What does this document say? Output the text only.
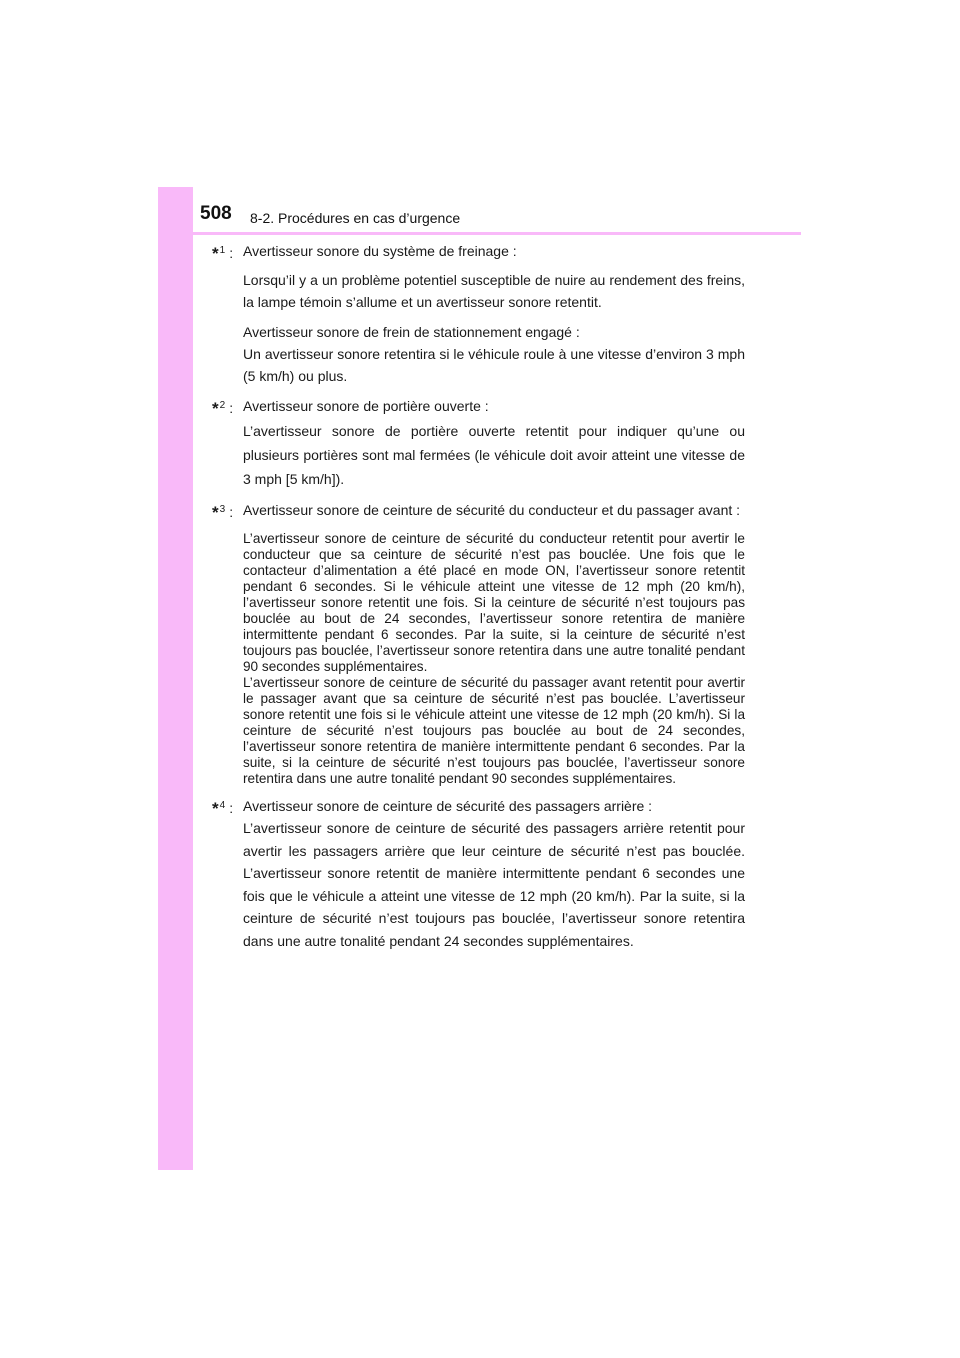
508 8-2. Procédures en cas d’urgence
*$^1$ : Avertisseur sonore du système de freinage :

Lorsqu’il y a un problème potentiel susceptible de nuire au rendement des freins, la lampe témoin s’allume et un avertisseur sonore retentit.

Avertisseur sonore de frein de stationnement engagé :

Un avertisseur sonore retentira si le véhicule roule à une vitesse d’environ 3 mph (5 km/h) ou plus.

*$^2$ : Avertisseur sonore de portière ouverte :

L’avertisseur sonore de portière ouverte retentit pour indiquer qu’une ou plusieurs portières sont mal fermées (le véhicule doit avoir atteint une vitesse de 3 mph [5 km/h]).

*$^3$ : Avertisseur sonore de ceinture de sécurité du conducteur et du passager avant :

L’avertisseur sonore de ceinture de sécurité du conducteur retentit pour avertir le conducteur que sa ceinture de sécurité n’est pas bouclée. Une fois que le contacteur d’alimentation a été placé en mode ON, l’avertisseur sonore retentit pendant 6 secondes. Si le véhicule atteint une vitesse de 12 mph (20 km/h), l’avertisseur sonore retentit une fois. Si la ceinture de sécurité n’est toujours pas bouclée au bout de 24 secondes, l’avertisseur sonore retentira de manière intermittente pendant 6 secondes. Par la suite, si la ceinture de sécurité n’est toujours pas bouclée, l’avertisseur sonore retentira dans une autre tonalité pendant 90 secondes supplémentaires.

L’avertisseur sonore de ceinture de sécurité du passager avant retentit pour avertir le passager avant que sa ceinture de sécurité n’est pas bouclée. L’avertisseur sonore retentit une fois si le véhicule atteint une vitesse de 12 mph (20 km/h). Si la ceinture de sécurité n’est toujours pas bouclée au bout de 24 secondes, l’avertisseur sonore retentira de manière intermittente pendant 6 secondes. Par la suite, si la ceinture de sécurité n’est toujours pas bouclée, l’avertisseur sonore retentira dans une autre tonalité pendant 90 secondes supplémentaires.

*$^4$ : Avertisseur sonore de ceinture de sécurité des passagers arrière :

L’avertisseur sonore de ceinture de sécurité des passagers arrière retentit pour avertir les passagers arrière que leur ceinture de sécurité n’est pas bouclée. L’avertisseur sonore retentit de manière intermittente pendant 6 secondes une fois que le véhicule a atteint une vitesse de 12 mph (20 km/h). Par la suite, si la ceinture de sécurité n’est toujours pas bouclée, l’avertisseur sonore retentira dans une autre tonalité pendant 24 secondes supplémentaires.
